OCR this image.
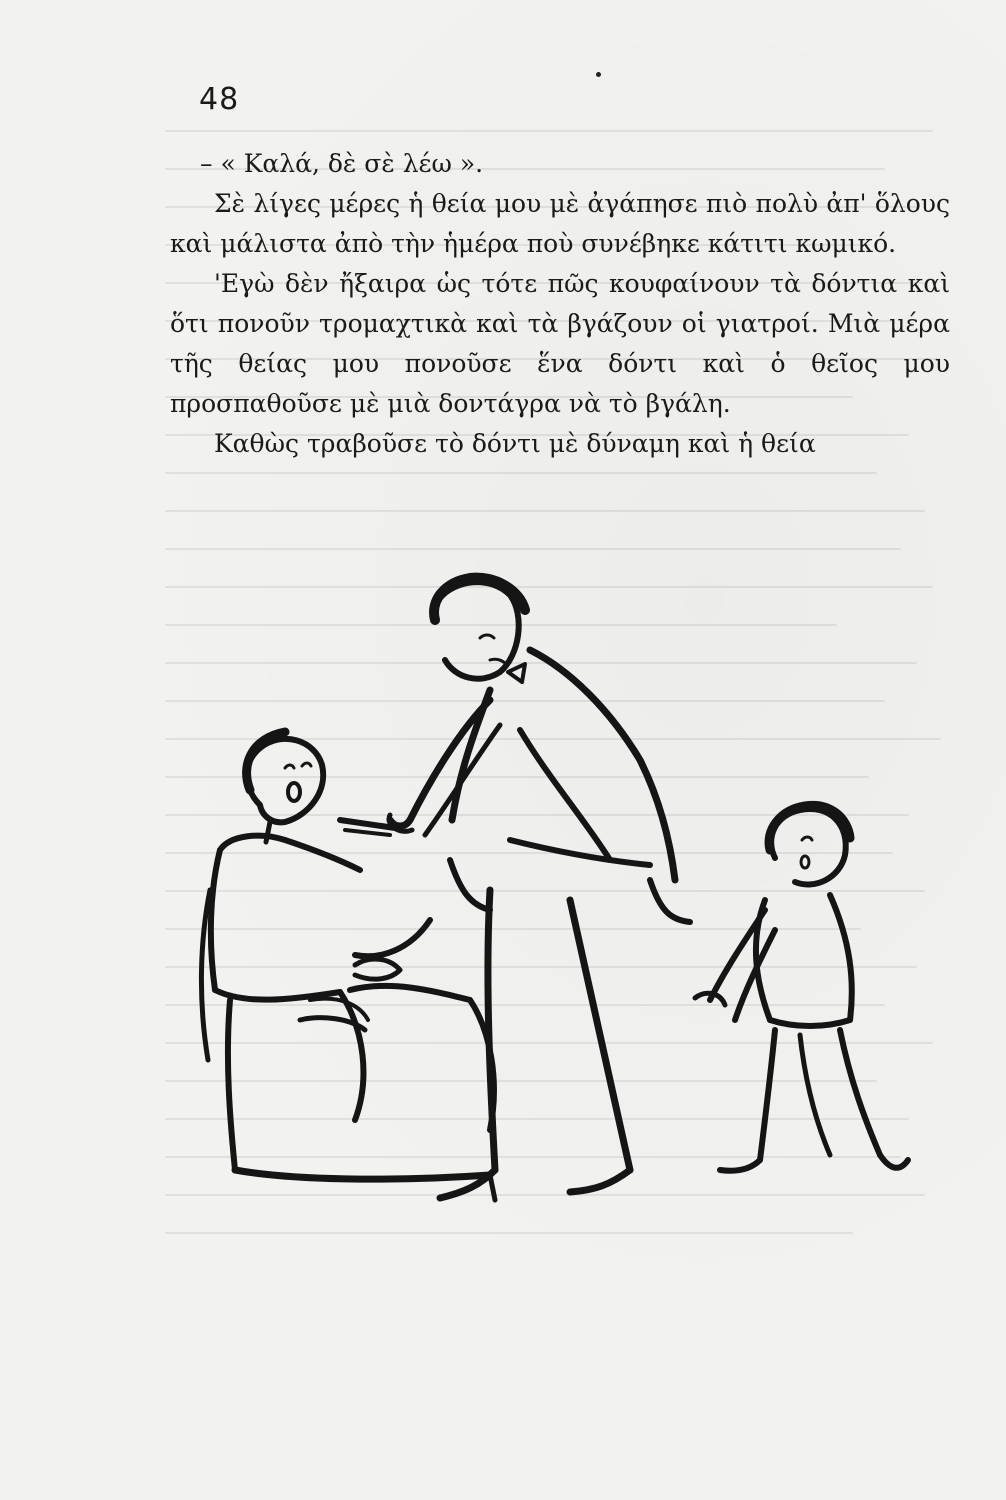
48

– « Καλά, δὲ σὲ λέω ».

Σὲ λίγες μέρες ἡ θεία μου μὲ ἀγάπησε πιὸ πολὺ ἀπ' ὅλους καὶ μάλιστα ἀπὸ τὴν ἡμέρα ποὺ συνέβηκε κάτιτι κωμικό.

'Εγὼ δὲν ἤξαιρα ὡς τότε πῶς κουφαίνουν τὰ δόντια καὶ ὅτι πονοῦν τρομαχτικὰ καὶ τὰ βγάζουν οἱ γιατροί. Μιὰ μέρα τῆς θείας μου πονοῦσε ἕνα δόντι καὶ ὁ θεῖος μου προσπαθοῦσε μὲ μιὰ δοντάγρα νὰ τὸ βγάλη.

Καθὼς τραβοῦσε τὸ δόντι μὲ δύναμη καὶ ἡ θεία
